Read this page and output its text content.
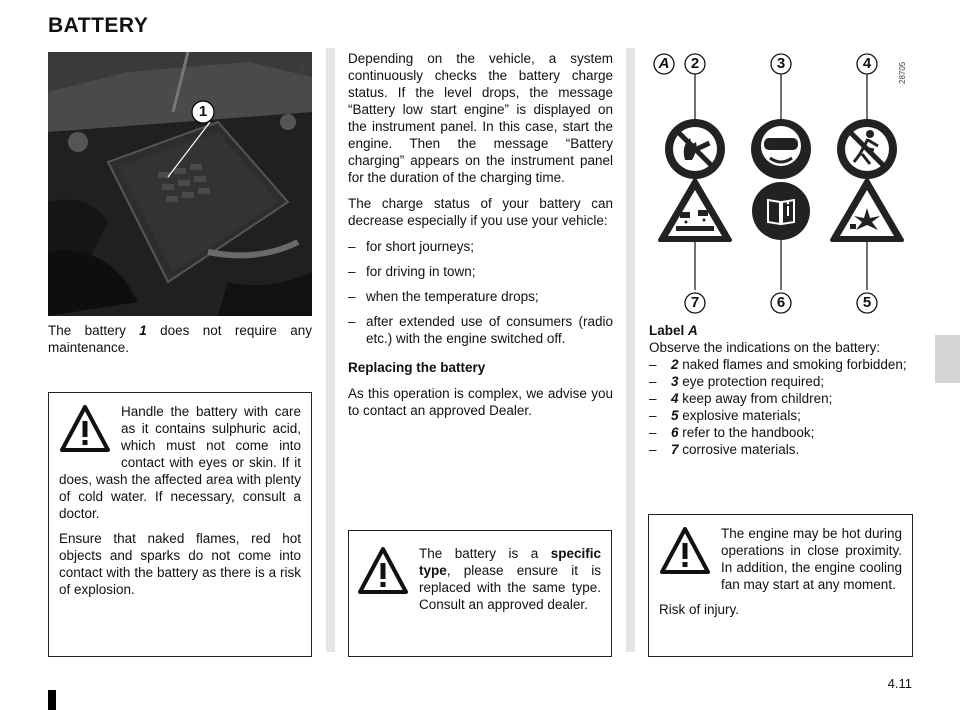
BATTERY
1
28446
The battery 1 does not require any maintenance.

Handle the battery with care as it contains sulphuric acid, which must not come into contact with eyes or skin. If it does, wash the affected area with plenty of cold water. If necessary, consult a doctor.

Ensure that naked flames, red hot objects and sparks do not come into contact with the battery as there is a risk of explosion.

Depending on the vehicle, a system continuously checks the battery charge status. If the level drops, the message “Battery low start engine” is displayed on the instrument panel. In this case, start the engine. Then the message “Battery charging” appears on the instrument panel for the duration of the charging time.

The charge status of your battery can decrease especially if you use your vehicle:

– for short journeys;
– for driving in town;
– when the temperature drops;
– after extended use of consumers (radio etc.) with the engine switched off.

Replacing the battery

As this operation is complex, we advise you to contact an approved Dealer.

The battery is a specific type, please ensure it is replaced with the same type. Consult an approved dealer.
A	2	3	4
7	6	5
28705
Label A
Observe the indications on the battery:
–	2 naked flames and smoking forbidden;
–	3 eye protection required;
–	4 keep away from children;
–	5 explosive materials;
–	6 refer to the handbook;
–	7 corrosive materials.

The engine may be hot during operations in close proximity. In addition, the engine cooling fan may start at any moment.

Risk of injury.

4.11
